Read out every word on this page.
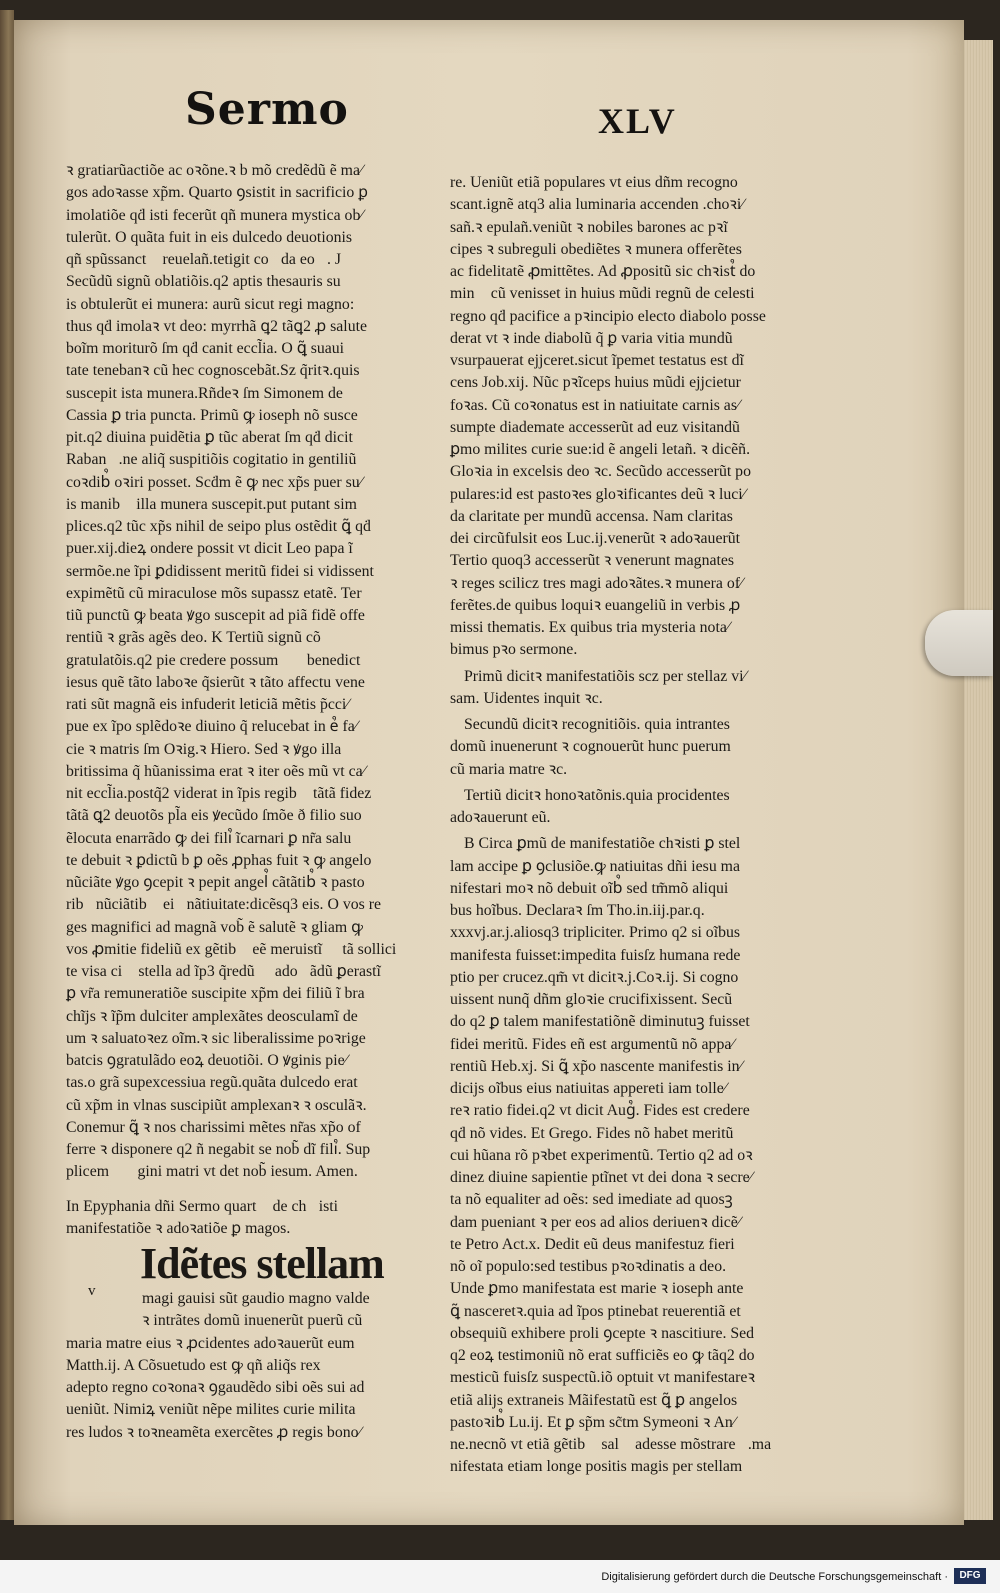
Sermo	XLV
ꝛ gratiarũactiõe ac oꝛõne.ꝛ b mõ credẽdũ ẽ ma∕
gos adoꝛasse xp̃m. Quarto ꝯsistit in sacrificio ꝑ
imolatiõe qḋ isti fecerũt qñ munera mystica ob∕
tulerũt. O quãta fuit in eis dulcedo deuotionis
qñ spũssanct᷒ reuelañ.tetigit coꝛda eoꝝ. J
Secũdũ signũ oblatiõis.q2 aptis thesauris su
is obtulerũt ei munera: aurũ sicut regi magno:
thus qḋ imolaꝛ vt deo: myrrhã ꝗ2 tãꝗ2 ꝓ salute
boĩm moriturõ ſm qḋ canit eccl̃ia. O ꝗ̃ suaui
tate tenebanꝛ cũ hec cognoscebãt.Sz q̃ritꝛ.quis
suscepit ista munera.Rñdeꝛ ſm Simonem de
Cassia ꝑ tria puncta. Primũ ꝙ ioseph nõ susce
pit.q2 diuina puidẽtia ꝑ tũc aberat ſm qḋ dicit
Raban᷒.ne aliq̃ suspitiõis cogitatio in gentiliũ
coꝛdib᷒ oꝛiri posset. Scḋm ẽ ꝙ nec xp̃s puer su∕
is manib᷒ illa munera suscepit.put putant sim
plices.q2 tũc xp̃s nihil de seipo plus ostẽdit ꝗ̃ qḋ
puer.xij.dieꝝ ondere possit vt dicit Leo papa ĩ
sermõe.ne ĩpi ꝑdidissent meritũ fidei si vidissent
expimẽtũ cũ miraculose mõs supassz etatẽ. Ter
tiũ punctũ ꝙ beata ꝟgo suscepit ad piã fidẽ offe
rentiũ ꝛ grãs agẽs deo. K Tertiũ signũ cõ
gratulatõis.q2 pie credere possum᷒ ꝙbenedict᷒
iesus quẽ tãto laboꝛe q̃sierũt ꝛ tãto affectu vene
rati sũt magnã eis infuderit leticiã mẽtis p̃cci∕
pue ex ĩpo splẽdoꝛe diuino q̃ relucebat in e᷒ fa∕
cie ꝛ matris ſm Oꝛig.ꝛ Hiero. Sed ꝛ ꝟgo illa
britissima q̃ hũanissima erat ꝛ iter oẽs mũ vt ca∕
nit eccl̃ia.postq̃2 viderat in ĩpis regib᷒ tãtã fidez
tãtã ꝗ2 deuotõs pl̃a eis ꝟecũdo ſmõe ð filio suo
ẽlocuta enarrãdo ꝙ dei fili᷒ ĩcarnari ꝑ nr̃a salu
te debuit ꝛ ꝑdictũ b ꝑ oẽs ꝓphas fuit ꝛ ꝙ angelo
nũciãte ꝟgo ꝯcepit ꝛ pepit angel᷒ cãtãtib᷒ ꝛ pasto
rib᷒nũciãtib᷒ ei᷒nãtiuitate:dicẽsq3 eis. O vos re
ges magnifici ad magnã vob̃ ẽ salutẽ ꝛ gliam ꝙ
vos ꝓmitie fideliũ ex gẽtib᷒ eẽ meruistĩ ꝛ tã sollici
te visa ci᷒ stella ad ĩp3 q̃redũ ꝛ adoꝛãdũ ꝑerastĩ
ꝑ vr̃a remuneratiõe suscipite xp̃m dei filiũ ĩ bra
chĩjs ꝛ ĩp̃m dulciter amplexãtes deosculamĩ de
um ꝛ saluatoꝛez oĩm.ꝛ sic liberalissime poꝛrige
batcis ꝯgratulãdo eoꝝ deuotiõi. O ꝟginis pie∕
tas.o grã supexcessiua regũ.quãta dulcedo erat
cũ xp̃m in vlnas suscipiũt amplexanꝛ ꝛ osculãꝛ.
Conemur ꝗ̃ ꝛ nos charissimi mẽtes nr̃as xp̃o of
ferre ꝛ disponere q2 ñ negabit se nob̃ dĩ fili᷒. Sup
plicem᷒ ꝟgini matri vt det nob̃ iesum. Amen.
In Epyphania dñi Sermo quart᷒ de chꝛisti
manifestatiõe ꝛ adoꝛatiõe ꝑ magos.
Idẽtes stellam
v	magi gauisi sũt gaudio magno valde
ꝛ intrãtes domũ inuenerũt puerũ cũ
maria matre eius ꝛ ꝓcidentes adoꝛauerũt eum
Matth.ij. A Cõsuetudo est ꝙ qñ aliq̃s rex
adepto regno coꝛonaꝛ ꝯgaudẽdo sibi oẽs sui ad
ueniũt. Nimiꝝ veniũt nẽpe milites curie milita
res ludos ꝛ toꝛneamẽta exercẽtes ꝓ regis bono∕
re. Ueniũt etiã populares vt eius dñm recogno
scant.ignẽ atq3 alia luminaria accenden .choꝛi∕
sañ.ꝛ epulañ.veniũt ꝛ nobiles barones ac pꝛĩ
cipes ꝛ subreguli obediẽtes ꝛ munera offerẽtes
ac fidelitatẽ ꝓmittẽtes. Ad ꝓpositũ sic chꝛist᷒ do
min᷒ cũ venisset in huius mũdi regnũ de celesti
regno qḋ pacifice a pꝛincipio electo diabolo posse
derat vt ꝛ inde diabolũ q̃ ꝑ varia vitia mundũ
vsurpauerat ejjceret.sicut ĩpemet testatus est dĩ
cens Job.xij. Nũc pꝛĩceps huius mũdi ejjcietur
foꝛas. Cũ coꝛonatus est in natiuitate carnis as∕
sumpte diademate accesserũt ad euz visitandũ
ꝑmo milites curie sue:id ẽ angeli letañ. ꝛ dicẽñ.
Gloꝛia in excelsis deo ꝛc. Secũdo accesserũt po
pulares:id est pastoꝛes gloꝛificantes deũ ꝛ luci∕
da claritate per mundũ accensa. Nam claritas
dei circũfulsit eos Luc.ij.venerũt ꝛ adoꝛauerũt
Tertio quoq3 accesserũt ꝛ venerunt magnates
ꝛ reges scilicz tres magi adoꝛãtes.ꝛ munera of∕
ferẽtes.de quibus loquiꝛ euangeliũ in verbis ꝓ
missi thematis. Ex quibus tria mysteria nota∕
bimus pꝛo sermone.
Primũ dicitꝛ manifestatiõis scz per stellaz vi∕
sam. Uidentes inquit ꝛc.
Secundũ dicitꝛ recognitiõis. quia intrantes
domũ inuenerunt ꝛ cognouerũt hunc puerum
cũ maria matre ꝛc.
Tertiũ dicitꝛ honoꝛatõnis.quia procidentes
adoꝛauerunt eũ.
B Circa ꝑmũ de manifestatiõe chꝛisti ꝑ stel
lam accipe ꝑ ꝯclusiõe.ꝙ natiuitas dñi iesu ma
nifestari moꝛ nõ debuit oĩb᷒ sed tm̃mõ aliqui
bus hoĩbus. Declaraꝛ ſm Tho.in.iij.par.q.
xxxvj.ar.j.aliosq3 tripliciter. Primo q2 si oĩbus
manifesta fuisset:impedita fuisſz humana rede
ptio per crucez.qm̃ vt dicitꝛ.j.Coꝛ.ij. Si cogno
uissent nunq̃ dñm gloꝛie crucifixissent. Secũ
do q2 ꝑ talem manifestatiõnẽ diminutuꝫ fuisset
fidei meritũ. Fides eñ est argumentũ nõ appa∕
rentiũ Heb.xj. Si ꝗ̃ xp̃o nascente manifestis in∕
dicijs oĩbus eius natiuitas appereti iam tolle∕
reꝛ ratio fidei.q2 vt dicit Aug᷒. Fides est credere
qḋ nõ vides. Et Grego. Fides nõ habet meritũ
cui hũana rõ pꝛbet experimentũ. Tertio q2 ad oꝛ
dinez diuine sapientie ptĩnet vt dei dona ꝛ secre∕
ta nõ equaliter ad oẽs: sed imediate ad quosꝫ
dam pueniant ꝛ per eos ad alios deriuenꝛ dicẽ∕
te Petro Act.x. Dedit eũ deus manifestuz fieri
nõ oĩ populo:sed testibus pꝛoꝛdinatis a deo.
Unde ꝑmo manifestata est marie ꝛ ioseph ante
ꝗ̃ nasceretꝛ.quia ad ĩpos ptinebat reuerentiã et
obsequiũ exhibere proli ꝯcepte ꝛ nascitiure. Sed
q2 eoꝝ testimoniũ nõ erat sufficiẽs eo ꝙ tãq2 do
mesticũ fuisſz suspectũ.iõ optuit vt manifestareꝛ
etiã alijs extraneis Mãifestatũ est ꝗ̃ ꝑ angelos
pastoꝛib᷒ Lu.ij. Et ꝑ sp̃m sc̃tm Symeoni ꝛ An∕
ne.necnõ vt etiã gẽtib᷒ sal᷒ adesse mõstrareꝛ.ma
nifestata etiam longe positis magis per stellam
Digitalisierung gefördert durch die Deutsche Forschungsgemeinschaft ·	DFG
